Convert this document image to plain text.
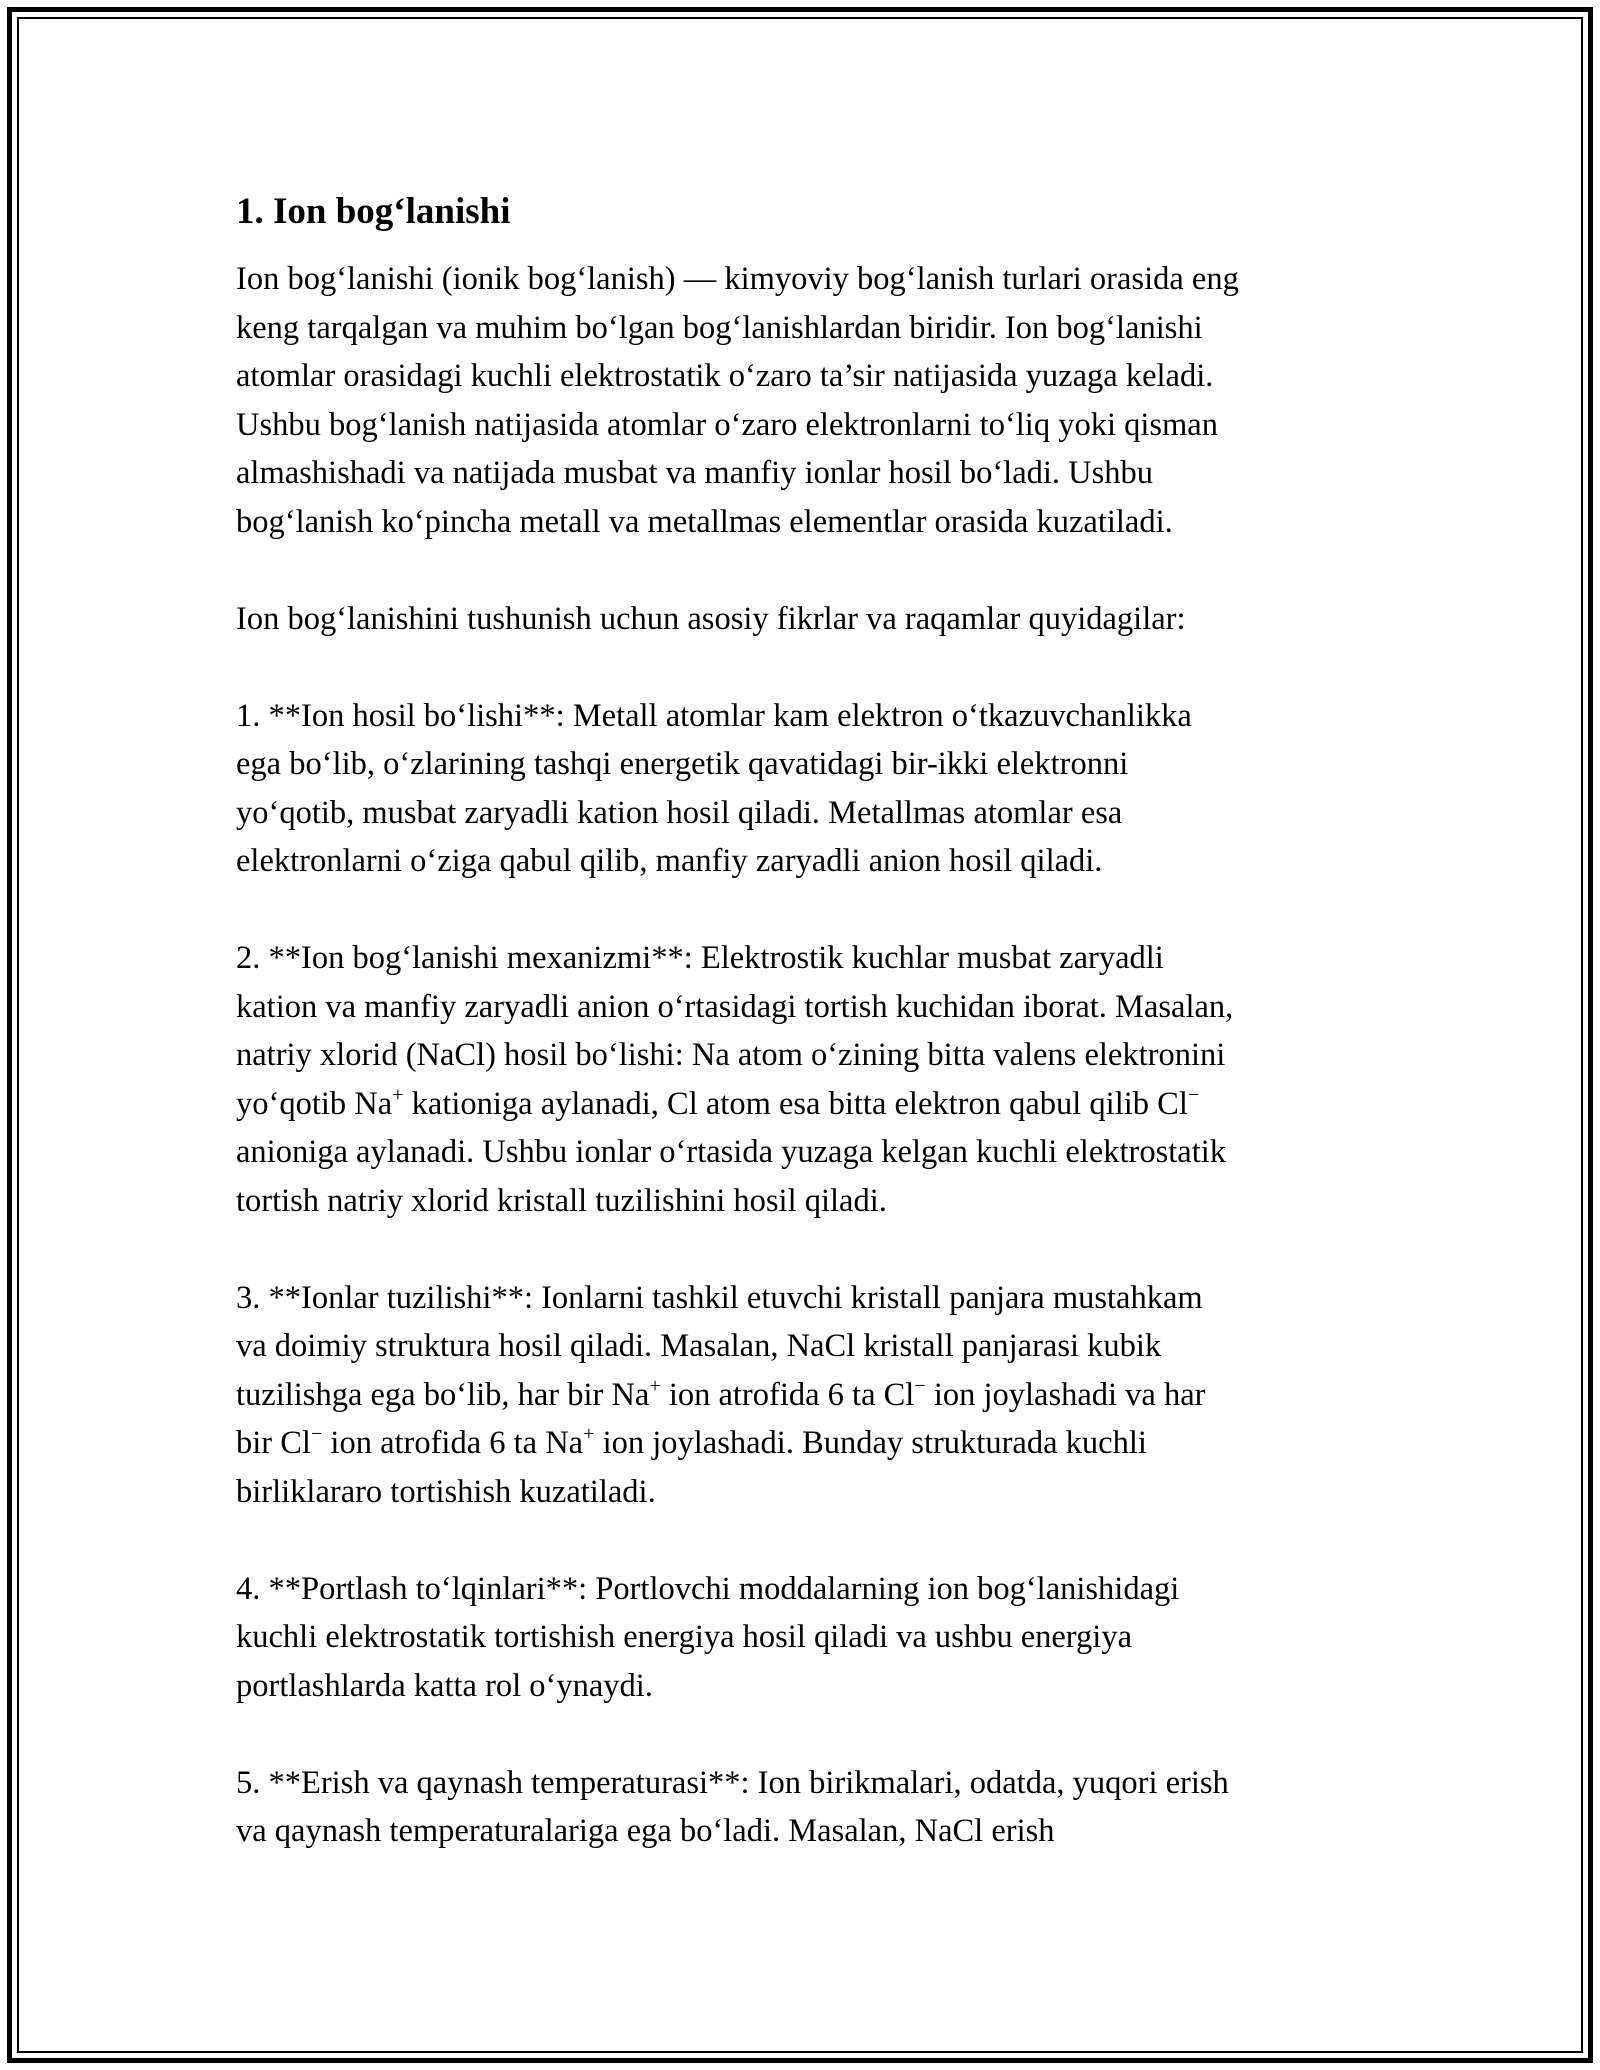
1. Ion bog‘lanishi
Ion bog‘lanishi (ionik bog‘lanish) — kimyoviy bog‘lanish turlari orasida eng
keng tarqalgan va muhim bo‘lgan bog‘lanishlardan biridir. Ion bog‘lanishi
atomlar orasidagi kuchli elektrostatik o‘zaro ta’sir natijasida yuzaga keladi.
Ushbu bog‘lanish natijasida atomlar o‘zaro elektronlarni to‘liq yoki qisman
almashishadi va natijada musbat va manfiy ionlar hosil bo‘ladi. Ushbu
bog‘lanish ko‘pincha metall va metallmas elementlar orasida kuzatiladi.
Ion bog‘lanishini tushunish uchun asosiy fikrlar va raqamlar quyidagilar:
1. **Ion hosil bo‘lishi**: Metall atomlar kam elektron o‘tkazuvchanlikka
ega bo‘lib, o‘zlarining tashqi energetik qavatidagi bir-ikki elektronni
yo‘qotib, musbat zaryadli kation hosil qiladi. Metallmas atomlar esa
elektronlarni o‘ziga qabul qilib, manfiy zaryadli anion hosil qiladi.
2. **Ion bog‘lanishi mexanizmi**: Elektrostik kuchlar musbat zaryadli
kation va manfiy zaryadli anion o‘rtasidagi tortish kuchidan iborat. Masalan,
natriy xlorid (NaCl) hosil bo‘lishi: Na atom o‘zining bitta valens elektronini
yo‘qotib Na+ kationiga aylanadi, Cl atom esa bitta elektron qabul qilib Cl−
anioniga aylanadi. Ushbu ionlar o‘rtasida yuzaga kelgan kuchli elektrostatik
tortish natriy xlorid kristall tuzilishini hosil qiladi.
3. **Ionlar tuzilishi**: Ionlarni tashkil etuvchi kristall panjara mustahkam
va doimiy struktura hosil qiladi. Masalan, NaCl kristall panjarasi kubik
tuzilishga ega bo‘lib, har bir Na+ ion atrofida 6 ta Cl− ion joylashadi va har
bir Cl− ion atrofida 6 ta Na+ ion joylashadi. Bunday strukturada kuchli
birliklararo tortishish kuzatiladi.
4. **Portlash to‘lqinlari**: Portlovchi moddalarning ion bog‘lanishidagi
kuchli elektrostatik tortishish energiya hosil qiladi va ushbu energiya
portlashlarda katta rol o‘ynaydi.
5. **Erish va qaynash temperaturasi**: Ion birikmalari, odatda, yuqori erish
va qaynash temperaturalariga ega bo‘ladi. Masalan, NaCl erish
